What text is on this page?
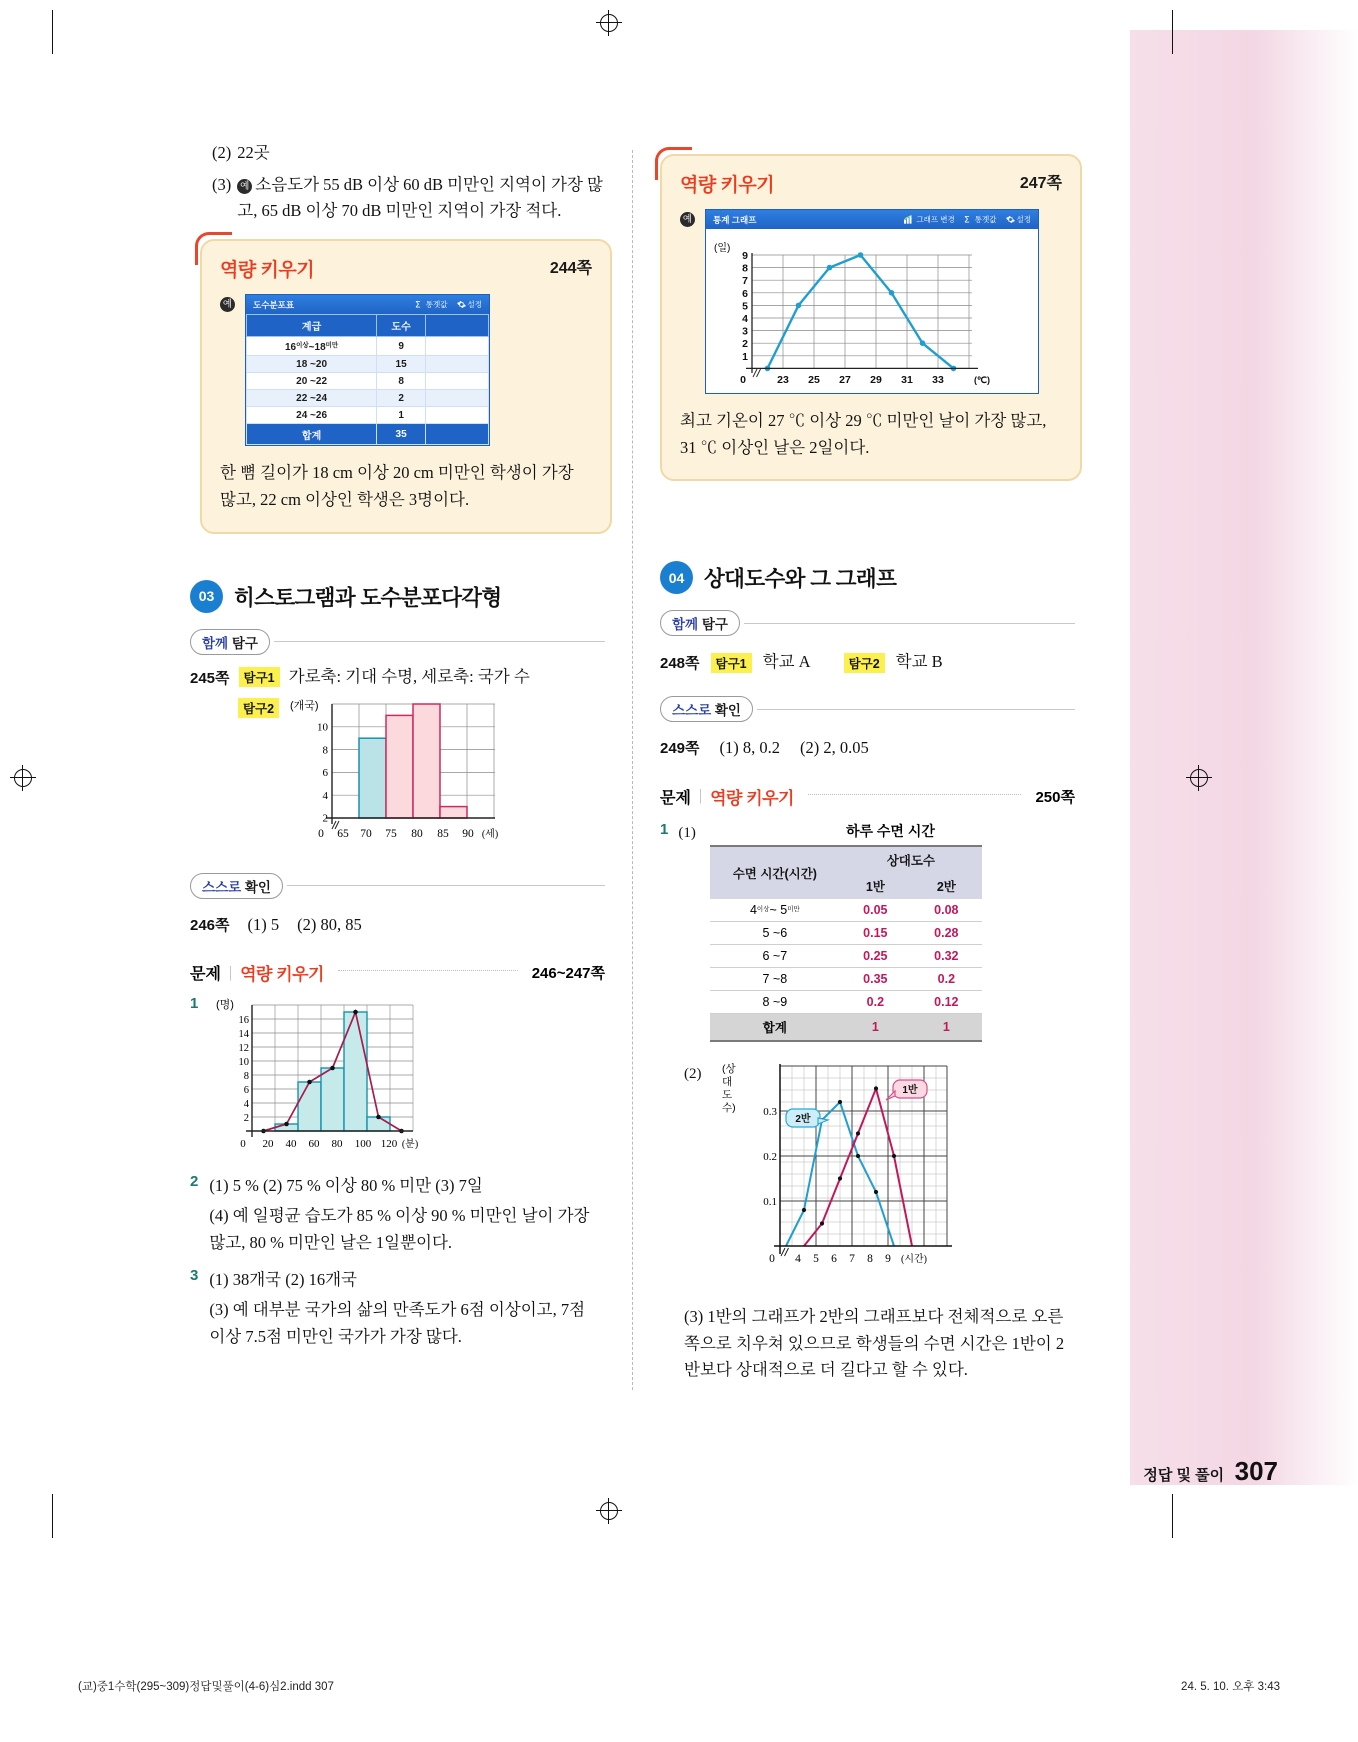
(2) 22곳
(3) 예 소음도가 55 dB 이상 60 dB 미만인 지역이 가장 많고, 65 dB 이상 70 dB 미만인 지역이 가장 적다.
역량 키우기	244쪽
예	도수분포표	Σ 통곗값	설정
계급	도수	
$16^{이상}\sim 18^{미만}$	9	
18 ~20	15	
20 ~22	8	
22 ~24	2	
24 ~26	1	
합계	35	
한 뼘 길이가 18 cm 이상 20 cm 미만인 학생이 가장 많고, 22 cm 이상인 학생은 3명이다.
03 히스토그램과 도수분포다각형
함께 탐구
245쪽	탐구1 가로축: 기대 수명, 세로축: 국가 수
탐구2	(개국)
10
8
6
4
2
0 65 70 75 80 85 90 (세)
스스로 확인
246쪽 (1) 5 (2) 80, 85
문제 | 역량 키우기	246~247쪽
1 (명)
16
14
12
10
8
6
4
2
0 20 40 60 80 100 120 (분)
2 (1) 5 % (2) 75 % 이상 80 % 미만 (3) 7일
(4) 예 일평균 습도가 85 % 이상 90 % 미만인 날이 가장 많고, 80 % 미만인 날은 1일뿐이다.
3 (1) 38개국 (2) 16개국
(3) 예 대부분 국가의 삶의 만족도가 6점 이상이고, 7점 이상 7.5점 미만인 국가가 가장 많다.
역량 키우기	247쪽
예	통계 그래프	그래프 변경 Σ 통곗값	설정
(일)
9
8
7
6
5
4
3
2
1
0	23 25 27 29 31 33	(℃)
최고 기온이 27 ℃ 이상 29 ℃ 미만인 날이 가장 많고, 31 ℃ 이상인 날은 2일이다.
04 상대도수와 그 그래프
함께 탐구
248쪽	탐구1 학교 A	탐구2 학교 B
스스로 확인
249쪽 (1) 8, 0.2 (2) 2, 0.05
문제 | 역량 키우기	250쪽
1 (1)	하루 수면 시간
수면 시간(시간)	상대도수	
	1반	2반
$4^{이상}\sim$ $5^{미만}$	0.05	0.08
5 ~6	0.15	0.28
6 ~7	0.25	0.32
7 ~8	0.35	0.2
8 ~9	0.2	0.12
합계	1	1
(2) (상
대
도
수)
2반
1반
0.3
0.2
0.1
0 4 5 6 7 8 9 (시간)
(3) 1반의 그래프가 2반의 그래프보다 전체적으로 오른쪽으로 치우쳐 있으므로 학생들의 수면 시간은 1반이 2반보다 상대적으로 더 길다고 할 수 있다.
정답 및 풀이 307
(교)중1수학(295~309)정답및풀이(4-6)심2.indd 307	24. 5. 10. 오후 3:43
